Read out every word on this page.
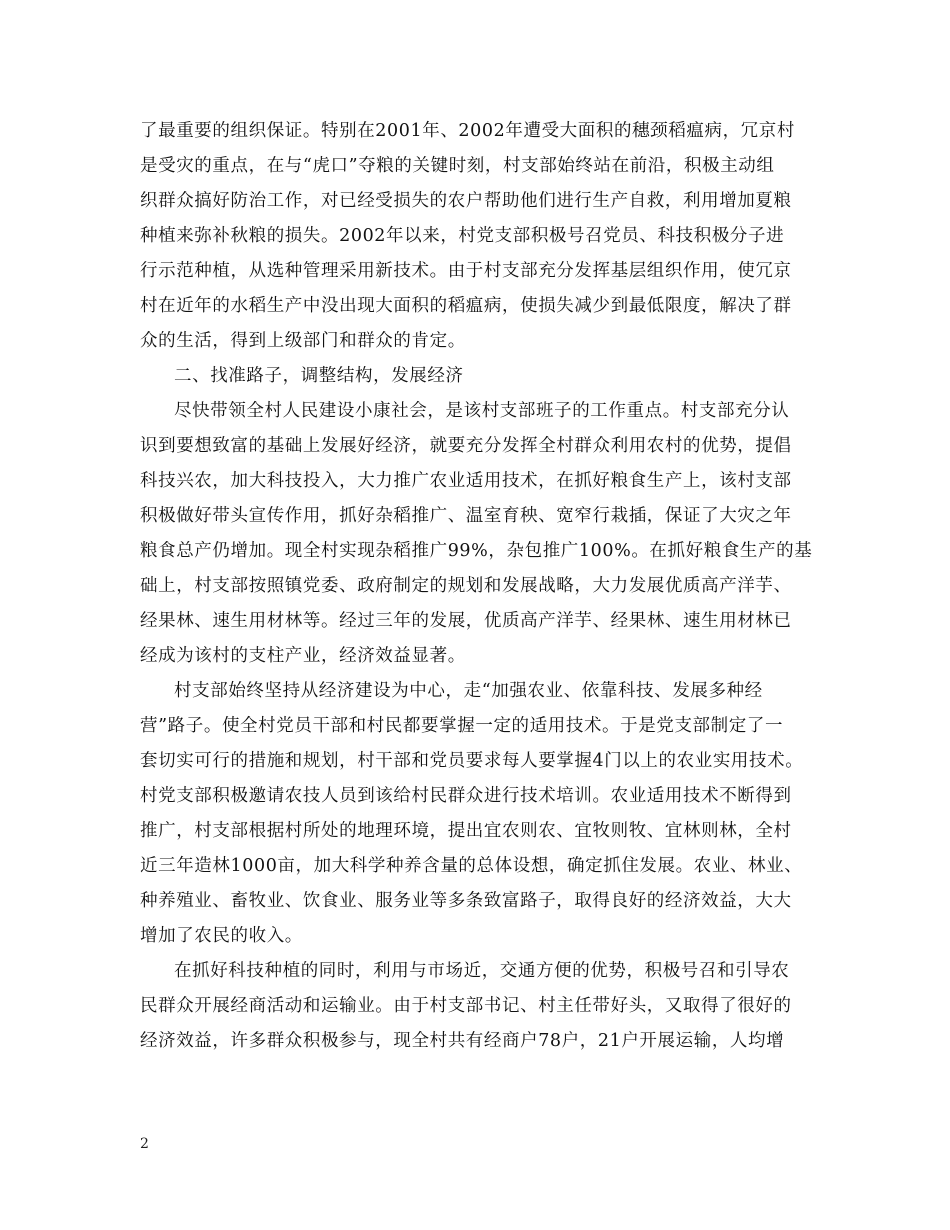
了最重要的组织保证。特别在2001年、2002年遭受大面积的穗颈稻瘟病，冗京村
是受灾的重点，在与“虎口”夺粮的关键时刻，村支部始终站在前沿，积极主动组
织群众搞好防治工作，对已经受损失的农户帮助他们进行生产自救，利用增加夏粮
种植来弥补秋粮的损失。2002年以来，村党支部积极号召党员、科技积极分子进
行示范种植，从选种管理采用新技术。由于村支部充分发挥基层组织作用，使冗京
村在近年的水稻生产中没出现大面积的稻瘟病，使损失减少到最低限度，解决了群
众的生活，得到上级部门和群众的肯定。
二、找准路子，调整结构，发展经济
尽快带领全村人民建设小康社会，是该村支部班子的工作重点。村支部充分认
识到要想致富的基础上发展好经济，就要充分发挥全村群众利用农村的优势，提倡
科技兴农，加大科技投入，大力推广农业适用技术，在抓好粮食生产上，该村支部
积极做好带头宣传作用，抓好杂稻推广、温室育秧、宽窄行栽插，保证了大灾之年
粮食总产仍增加。现全村实现杂稻推广99%，杂包推广100%。在抓好粮食生产的基
础上，村支部按照镇党委、政府制定的规划和发展战略，大力发展优质高产洋芋、
经果林、速生用材林等。经过三年的发展，优质高产洋芋、经果林、速生用材林已
经成为该村的支柱产业，经济效益显著。
村支部始终坚持从经济建设为中心，走“加强农业、依靠科技、发展多种经
营”路子。使全村党员干部和村民都要掌握一定的适用技术。于是党支部制定了一
套切实可行的措施和规划，村干部和党员要求每人要掌握4门以上的农业实用技术。
村党支部积极邀请农技人员到该给村民群众进行技术培训。农业适用技术不断得到
推广，村支部根据村所处的地理环境，提出宜农则农、宜牧则牧、宜林则林，全村
近三年造林1000亩，加大科学种养含量的总体设想，确定抓住发展。农业、林业、
种养殖业、畜牧业、饮食业、服务业等多条致富路子，取得良好的经济效益，大大
增加了农民的收入。
在抓好科技种植的同时，利用与市场近，交通方便的优势，积极号召和引导农
民群众开展经商活动和运输业。由于村支部书记、村主任带好头，又取得了很好的
经济效益，许多群众积极参与，现全村共有经商户78户，21户开展运输，人均增
2
